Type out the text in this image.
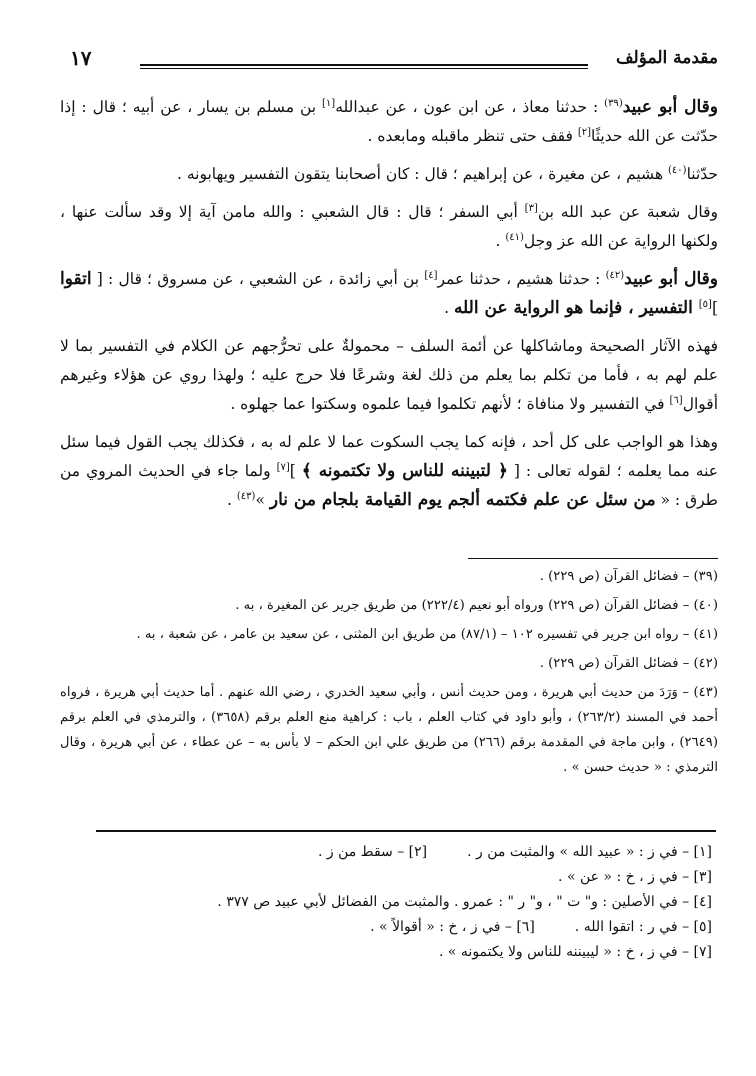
مقدمة المؤلف
١٧

وقال أبو عبيد$^{(٣٩)}$ : حدثنا معاذ ، عن ابن عون ، عن عبدالله[١] بن مسلم بن يسار ، عن أبيه ؛ قال : إذا حدّثت عن الله حديثًا[٢] فقف حتى تنظر ماقبله ومابعده .

حدّثنا$^{(٤٠)}$ هشيم ، عن مغيرة ، عن إبراهيم ؛ قال : كان أصحابنا يتقون التفسير ويهابونه .

وقال شعبة عن عبد الله بن[٣] أبي السفر ؛ قال : قال الشعبي : والله مامن آية إلا وقد سألت عنها ، ولكنها الرواية عن الله عز وجل$^{(٤١)}$ .

وقال أبو عبيد$^{(٤٢)}$ : حدثنا هشيم ، حدثنا عمر[٤] بن أبي زائدة ، عن الشعبي ، عن مسروق ؛ قال : [ اتقوا ][٥] التفسير ، فإنما هو الرواية عن الله .

فهذه الآثار الصحيحة وماشاكلها عن أئمة السلف – محمولةٌ على تحرُّجهم عن الكلام في التفسير بما لا علم لهم به ، فأما من تكلم بما يعلم من ذلك لغة وشرعًا فلا حرج عليه ؛ ولهذا روي عن هؤلاء وغيرهم أقوال[٦] في التفسير ولا منافاة ؛ لأنهم تكلموا فيما علموه وسكتوا عما جهلوه .

وهذا هو الواجب على كل أحد ، فإنه كما يجب السكوت عما لا علم له به ، فكذلك يجب القول فيما سئل عنه مما يعلمه ؛ لقوله تعالى : [ ﴿ لتبيننه للناس ولا تكتمونه ﴾ ][٧] ولما جاء في الحديث المروي من طرق : « من سئل عن علم فكتمه ألجم يوم القيامة بلجام من نار »$^{(٤٣)}$ .

(٣٩) – فضائل القرآن (ص ٢٢٩) .

(٤٠) – فضائل القرآن (ص ٢٢٩) ورواه أبو نعيم (٢٢٢/٤) من طريق جرير عن المغيرة ، به .

(٤١) – رواه ابن جرير في تفسيره ١٠٢ – (٨٧/١) من طريق ابن المثنى ، عن سعيد بن عامر ، عن شعبة ، به .

(٤٢) – فضائل القرآن (ص ٢٢٩) .

(٤٣) – وَرَدَ من حديث أبي هريرة ، ومن حديث أنس ، وأبي سعيد الخدري ، رضي الله عنهم . أما حديث أبي هريرة ، فرواه أحمد في المسند (٢٦٣/٢) ، وأبو داود في كتاب العلم ، باب : كراهية منع العلم برقم (٣٦٥٨) ، والترمذي في العلم برقم (٢٦٤٩) ، وابن ماجة في المقدمة برقم (٢٦٦) من طريق علي ابن الحكم – لا بأس به – عن عطاء ، عن أبي هريرة ، وقال الترمذي : « حديث حسن » .

[١] – في ز : « عبيد الله » والمثبت من ر .
[٢] – سقط من ز .
[٣] – في ز ، خ : « عن » .
[٤] – في الأصلين : و" ت " ، و" ر " : عمرو . والمثبت من الفضائل لأبي عبيد ص ٣٧٧ .
[٥] – في ر : اتقوا الله .
[٦] – في ز ، خ : « أقوالاً » .
[٧] – في ز ، خ : « ليبيننه للناس ولا يكتمونه » .
